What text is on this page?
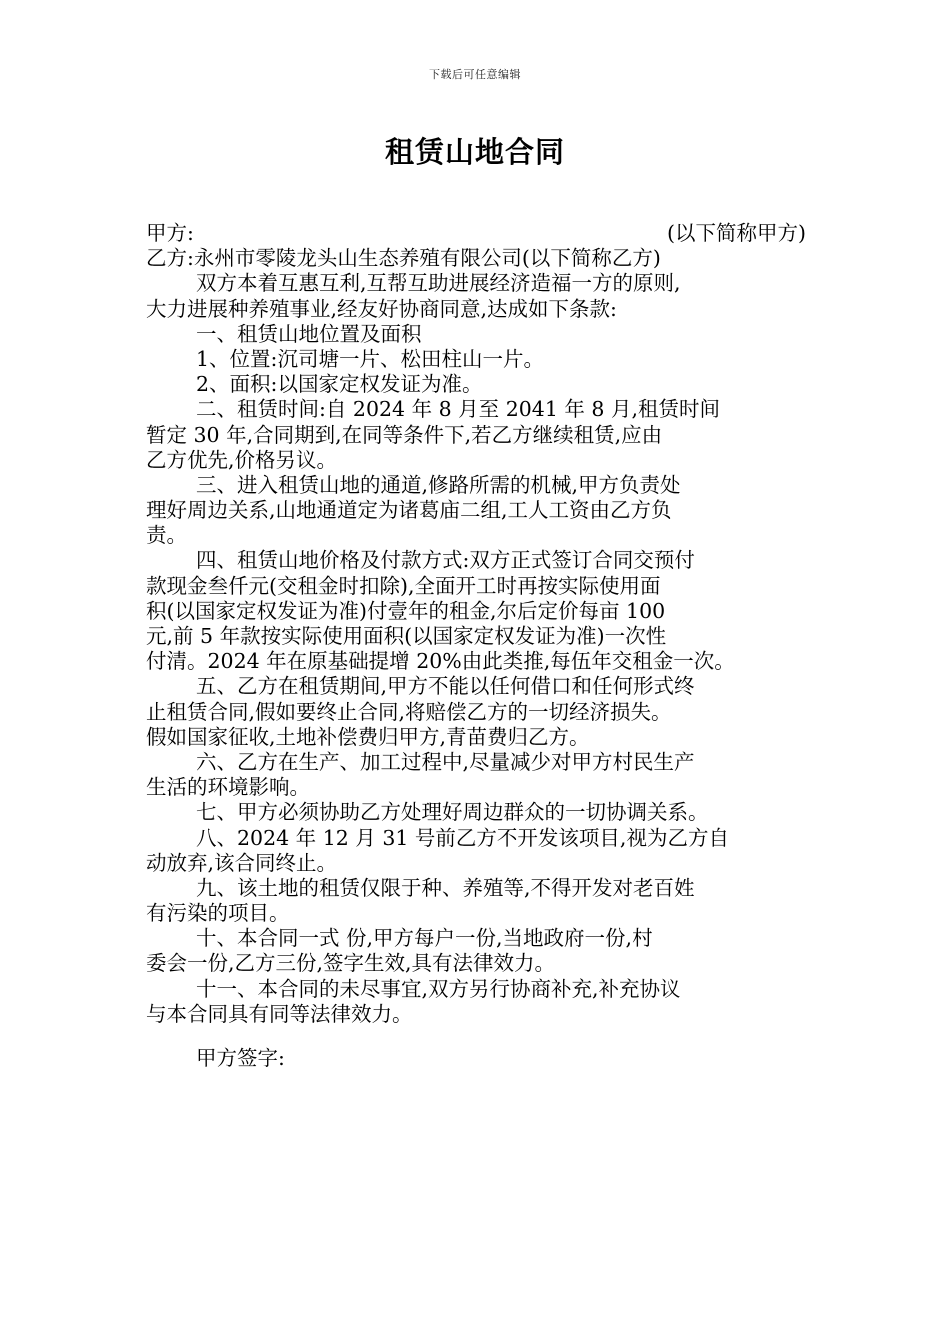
下载后可任意编辑
租赁山地合同
甲方:	(以下简称甲方)
乙方:永州市零陵龙头山生态养殖有限公司(以下简称乙方)
双方本着互惠互利,互帮互助进展经济造福一方的原则,
大力进展种养殖事业,经友好协商同意,达成如下条款:
一、租赁山地位置及面积
1、位置:沉司塘一片、松田柱山一片。
2、面积:以国家定权发证为准。
二、租赁时间:自 2024 年 8 月至 2041 年 8 月,租赁时间
暂定 30 年,合同期到,在同等条件下,若乙方继续租赁,应由
乙方优先,价格另议。
三、进入租赁山地的通道,修路所需的机械,甲方负责处
理好周边关系,山地通道定为诸葛庙二组,工人工资由乙方负
责。
四、租赁山地价格及付款方式:双方正式签订合同交预付
款现金叁仟元(交租金时扣除),全面开工时再按实际使用面
积(以国家定权发证为准)付壹年的租金,尔后定价每亩 100
元,前 5 年款按实际使用面积(以国家定权发证为准)一次性
付清。2024 年在原基础提增 20%由此类推,每伍年交租金一次。
五、乙方在租赁期间,甲方不能以任何借口和任何形式终
止租赁合同,假如要终止合同,将赔偿乙方的一切经济损失。
假如国家征收,土地补偿费归甲方,青苗费归乙方。
六、乙方在生产、加工过程中,尽量减少对甲方村民生产
生活的环境影响。
七、甲方必须协助乙方处理好周边群众的一切协调关系。
八、2024 年 12 月 31 号前乙方不开发该项目,视为乙方自
动放弃,该合同终止。
九、该土地的租赁仅限于种、养殖等,不得开发对老百姓
有污染的项目。
十、本合同一式 份,甲方每户一份,当地政府一份,村
委会一份,乙方三份,签字生效,具有法律效力。
十一、本合同的未尽事宜,双方另行协商补充,补充协议
与本合同具有同等法律效力。
甲方签字:
